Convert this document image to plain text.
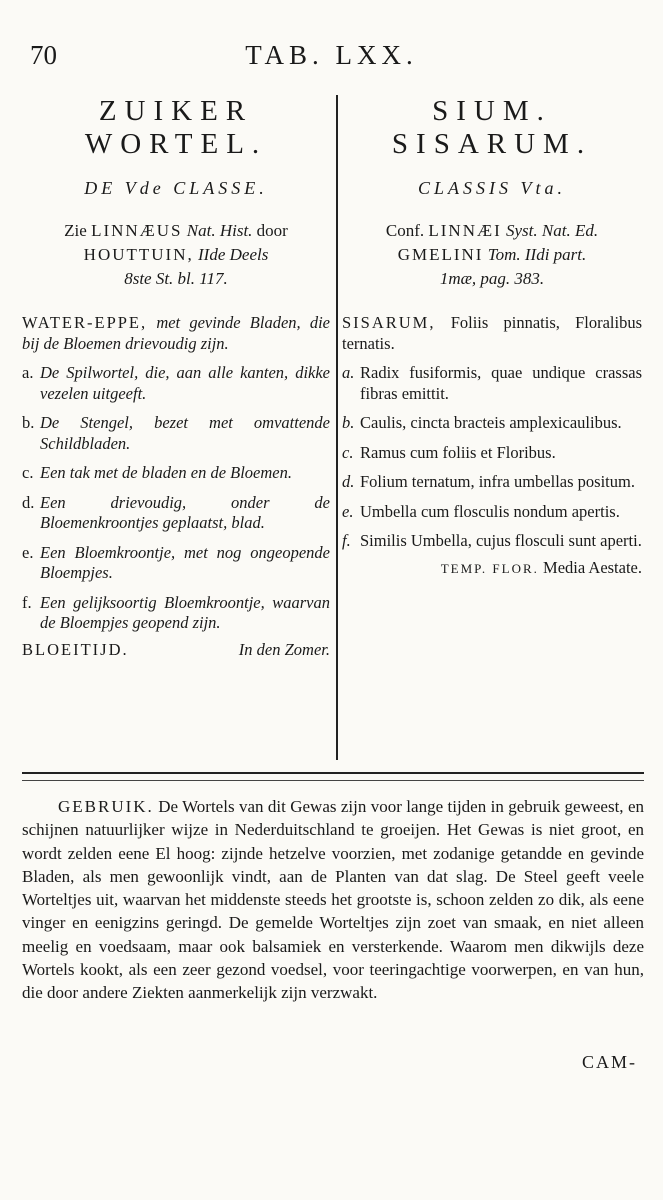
70	TAB. LXX.
ZUIKER
WORTEL.
DE Vde CLASSE.
Zie LINNÆUS Nat. Hist. door
HOUTTUIN, IIde Deels
8ste St. bl. 117.
WATER-EPPE, met gevinde Bladen, die bij de Bloemen drievoudig zijn.
a. De Spilwortel, die, aan alle kanten, dikke vezelen uitgeeft.
b. De Stengel, bezet met omvattende Schildbladen.
c. Een tak met de bladen en de Bloemen.
d. Een drievoudig, onder de Bloemenkroontjes geplaatst, blad.
e. Een Bloemkroontje, met nog ongeopende Bloempjes.
f. Een gelijksoortig Bloemkroontje, waarvan de Bloempjes geopend zijn.
BLOEITIJD.	In den Zomer.
SIUM.
SISARUM.
CLASSIS Vta.
Conf. LINNÆI Syst. Nat. Ed.
GMELINI Tom. IIdi part.
1mæ, pag. 383.
SISARUM, Foliis pinnatis, Floralibus ternatis.
a. Radix fusiformis, quae undique crassas fibras emittit.
b. Caulis, cincta bracteis amplexicaulibus.
c. Ramus cum foliis et Floribus.
d. Folium ternatum, infra umbellas positum.
e. Umbella cum flosculis nondum apertis.
f. Similis Umbella, cujus flosculi sunt aperti.
TEMP. FLOR. Media Aestate.
GEBRUIK. De Wortels van dit Gewas zijn voor lange tijden in gebruik geweest, en schijnen natuurlijker wijze in Nederduitschland te groeijen. Het Gewas is niet groot, en wordt zelden eene El hoog: zijnde hetzelve voorzien, met zodanige getandde en gevinde Bladen, als men gewoonlijk vindt, aan de Planten van dat slag. De Steel geeft veele Worteltjes uit, waarvan het middenste steeds het grootste is, schoon zelden zo dik, als eene vinger en eenigzins geringd. De gemelde Worteltjes zijn zoet van smaak, en niet alleen meelig en voedsaam, maar ook balsamiek en versterkende. Waarom men dikwijls deze Wortels kookt, als een zeer gezond voedsel, voor teeringachtige voorwerpen, en van hun, die door andere Ziekten aanmerkelijk zijn verzwakt.
CAM-
